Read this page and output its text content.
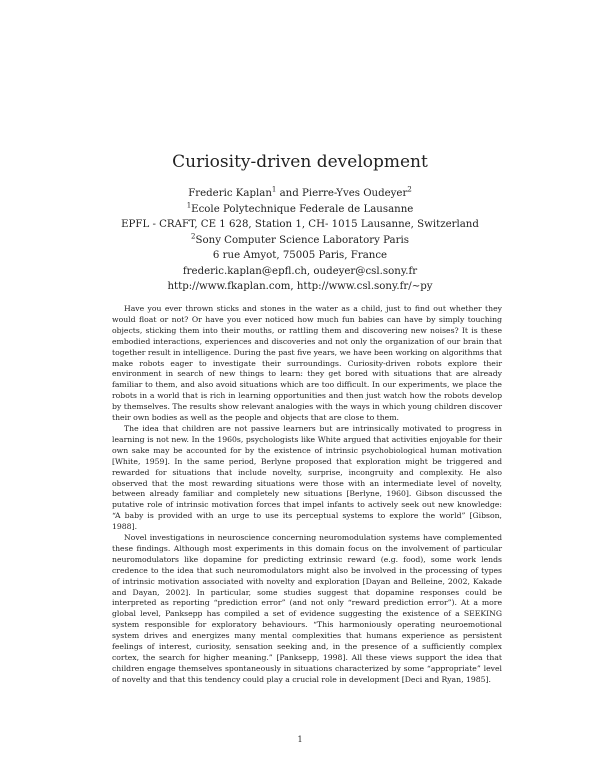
Curiosity-driven development
Frederic Kaplan$^1$ and Pierre-Yves Oudeyer$^2$
$^1$Ecole Polytechnique Federale de Lausanne
EPFL - CRAFT, CE 1 628, Station 1, CH- 1015 Lausanne, Switzerland
$^2$Sony Computer Science Laboratory Paris
6 rue Amyot, 75005 Paris, France
frederic.kaplan@epfl.ch, oudeyer@csl.sony.fr
http://www.fkaplan.com, http://www.csl.sony.fr/∼py

Have you ever thrown sticks and stones in the water as a child, just to find out whether they would float or not? Or have you ever noticed how much fun babies can have by simply touching objects, sticking them into their mouths, or rattling them and discovering new noises? It is these embodied interactions, experiences and discoveries and not only the organization of our brain that together result in intelligence. During the past five years, we have been working on algorithms that make robots eager to investigate their surroundings. Curiosity-driven robots explore their environment in search of new things to learn: they get bored with situations that are already familiar to them, and also avoid situations which are too difficult. In our experiments, we place the robots in a world that is rich in learning opportunities and then just watch how the robots develop by themselves. The results show relevant analogies with the ways in which young children discover their own bodies as well as the people and objects that are close to them.

The idea that children are not passive learners but are intrinsically motivated to progress in learning is not new. In the 1960s, psychologists like White argued that activities enjoyable for their own sake may be accounted for by the existence of intrinsic psychobiological human motivation [White, 1959]. In the same period, Berlyne proposed that exploration might be triggered and rewarded for situations that include novelty, surprise, incongruity and complexity. He also observed that the most rewarding situations were those with an intermediate level of novelty, between already familiar and completely new situations [Berlyne, 1960]. Gibson discussed the putative role of intrinsic motivation forces that impel infants to actively seek out new knowledge: “A baby is provided with an urge to use its perceptual systems to explore the world” [Gibson, 1988].

Novel investigations in neuroscience concerning neuromodulation systems have complemented these findings. Although most experiments in this domain focus on the involvement of particular neuromodulators like dopamine for predicting extrinsic reward (e.g. food), some work lends credence to the idea that such neuromodulators might also be involved in the processing of types of intrinsic motivation associated with novelty and exploration [Dayan and Belleine, 2002, Kakade and Dayan, 2002]. In particular, some studies suggest that dopamine responses could be interpreted as reporting “prediction error” (and not only “reward prediction error”). At a more global level, Panksepp has compiled a set of evidence suggesting the existence of a SEEKING system responsible for exploratory behaviours. “This harmoniously operating neuroemotional system drives and energizes many mental complexities that humans experience as persistent feelings of interest, curiosity, sensation seeking and, in the presence of a sufficiently complex cortex, the search for higher meaning.” [Panksepp, 1998]. All these views support the idea that children engage themselves spontaneously in situations characterized by some “appropriate” level of novelty and that this tendency could play a crucial role in development [Deci and Ryan, 1985].

1
